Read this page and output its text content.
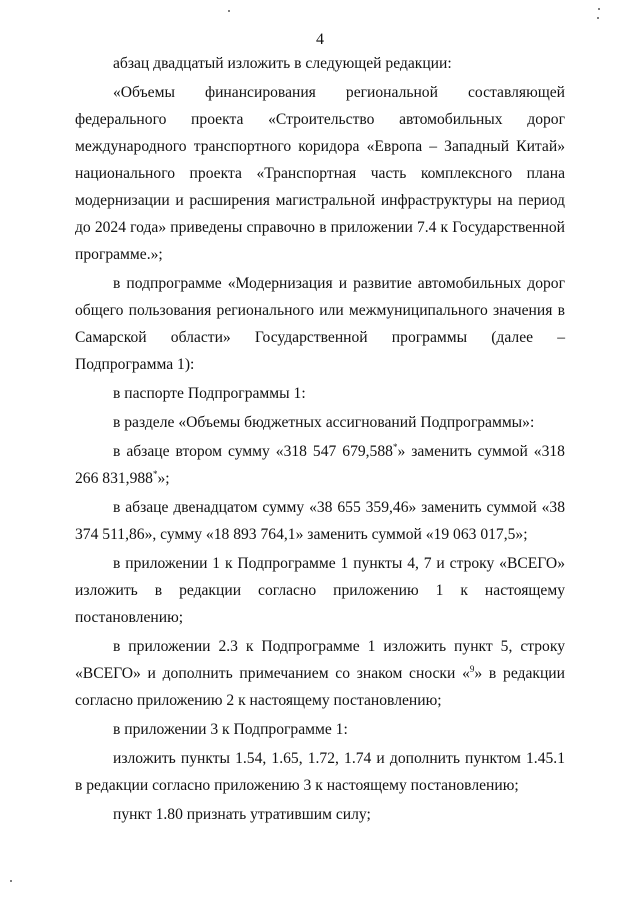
4

абзац двадцатый изложить в следующей редакции:

«Объемы финансирования региональной составляющей федерального проекта «Строительство автомобильных дорог международного транспортного коридора «Европа – Западный Китай» национального проекта «Транспортная часть комплексного плана модернизации и расширения магистральной инфраструктуры на период до 2024 года» приведены справочно в приложении 7.4 к Государственной программе.»;

в подпрограмме «Модернизация и развитие автомобильных дорог общего пользования регионального или межмуниципального значения в Самарской области» Государственной программы (далее – Подпрограмма 1):

в паспорте Подпрограммы 1:

в разделе «Объемы бюджетных ассигнований Подпрограммы»:

в абзаце втором сумму «318 547 679,588*» заменить суммой «318 266 831,988*»;

в абзаце двенадцатом сумму «38 655 359,46» заменить суммой «38 374 511,86», сумму «18 893 764,1» заменить суммой «19 063 017,5»;

в приложении 1 к Подпрограмме 1 пункты 4, 7 и строку «ВСЕГО» изложить в редакции согласно приложению 1 к настоящему постановлению;

в приложении 2.3 к Подпрограмме 1 изложить пункт 5, строку «ВСЕГО» и дополнить примечанием со знаком сноски «$^9$» в редакции согласно приложению 2 к настоящему постановлению;

в приложении 3 к Подпрограмме 1:

изложить пункты 1.54, 1.65, 1.72, 1.74 и дополнить пунктом 1.45.1 в редакции согласно приложению 3 к настоящему постановлению;

пункт 1.80 признать утратившим силу;
